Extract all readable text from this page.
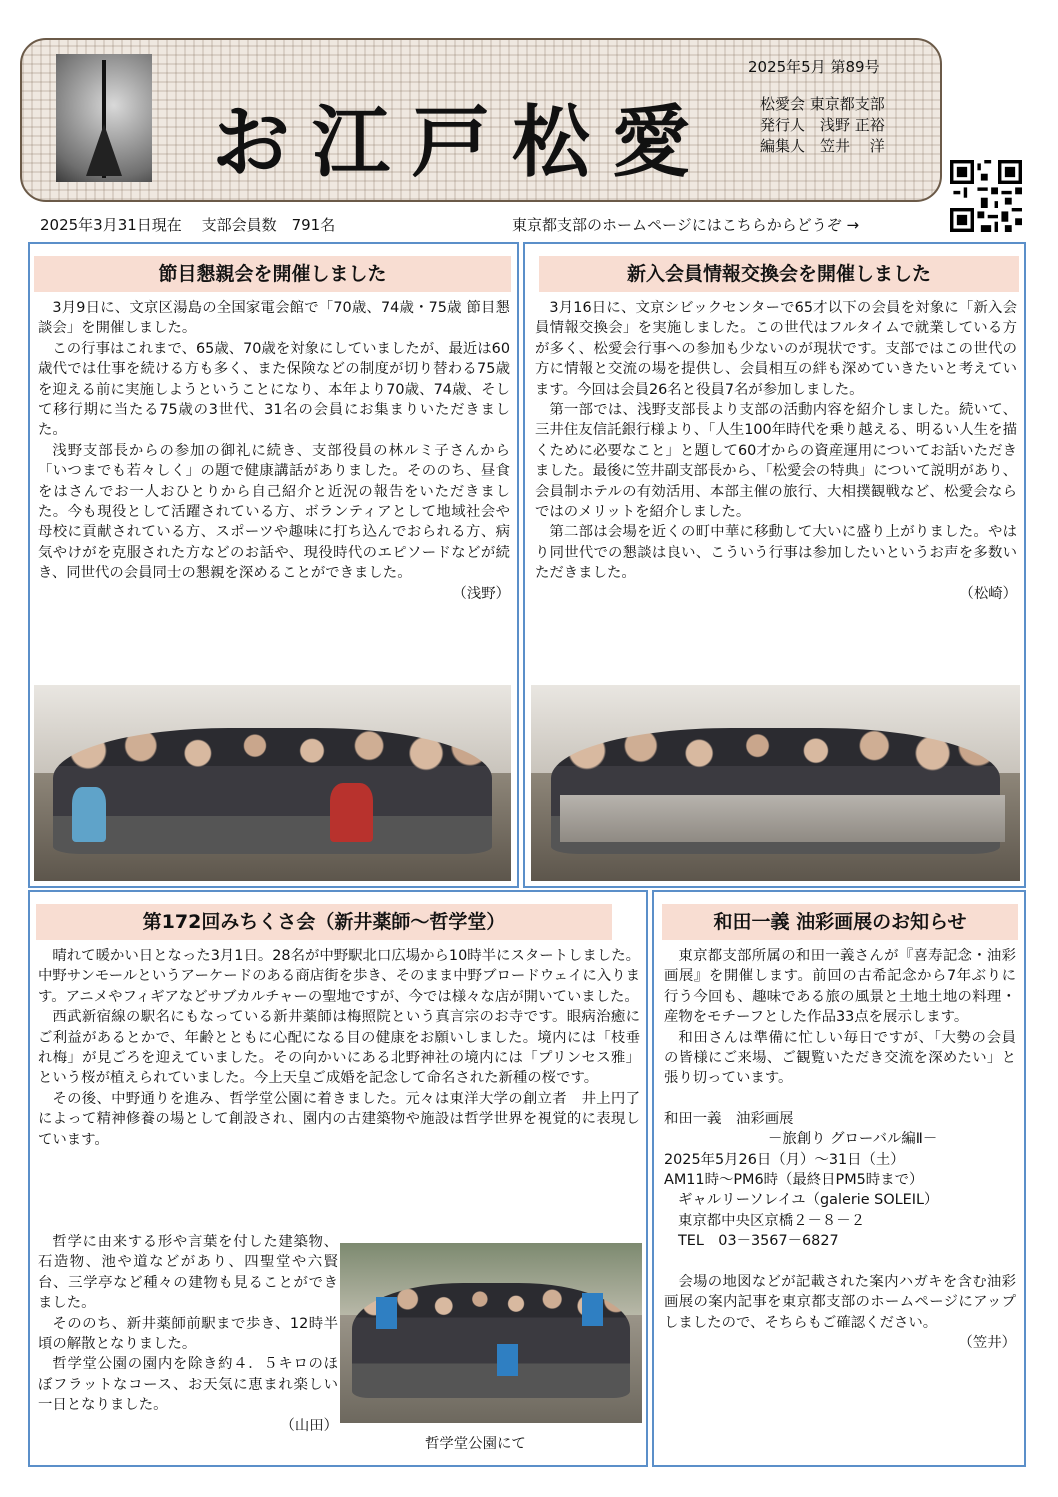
お江戸松愛
2025年5月 第89号
松愛会 東京都支部
発行人　浅野 正裕
編集人　笠井　 洋
2025年3月31日現在　 支部会員数　791名	東京都支部のホームページにはこちらからどうぞ →
節目懇親会を開催しました

3月9日に、文京区湯島の全国家電会館で「70歳、74歳・75歳 節目懇談会」を開催しました。

この行事はこれまで、65歳、70歳を対象にしていましたが、最近は60歳代では仕事を続ける方も多く、また保険などの制度が切り替わる75歳を迎える前に実施しようということになり、本年より70歳、74歳、そして移行期に当たる75歳の3世代、31名の会員にお集まりいただきました。

浅野支部長からの参加の御礼に続き、支部役員の林ルミ子さんから「いつまでも若々しく」の題で健康講話がありました。そののち、昼食をはさんでお一人おひとりから自己紹介と近況の報告をいただきました。今も現役として活躍されている方、ボランティアとして地域社会や母校に貢献されている方、スポーツや趣味に打ち込んでおられる方、病気やけがを克服された方などのお話や、現役時代のエピソードなどが続き、同世代の会員同士の懇親を深めることができました。

（浅野）
新入会員情報交換会を開催しました

3月16日に、文京シビックセンターで65才以下の会員を対象に「新入会員情報交換会」を実施しました。この世代はフルタイムで就業している方が多く、松愛会行事への参加も少ないのが現状です。支部ではこの世代の方に情報と交流の場を提供し、会員相互の絆も深めていきたいと考えています。今回は会員26名と役員7名が参加しました。

第一部では、浅野支部長より支部の活動内容を紹介しました。続いて、三井住友信託銀行様より、「人生100年時代を乗り越える、明るい人生を描くために必要なこと」と題して60才からの資産運用についてお話いただきました。最後に笠井副支部長から、「松愛会の特典」について説明があり、会員制ホテルの有効活用、本部主催の旅行、大相撲観戦など、松愛会ならではのメリットを紹介しました。

第二部は会場を近くの町中華に移動して大いに盛り上がりました。やはり同世代での懇談は良い、こういう行事は参加したいというお声を多数いただきました。

（松崎）
第172回みちくさ会（新井薬師～哲学堂）

晴れて暖かい日となった3月1日。28名が中野駅北口広場から10時半にスタートしました。 中野サンモールというアーケードのある商店街を歩き、そのまま中野ブロードウェイに入ります。アニメやフィギアなどサブカルチャーの聖地ですが、今では様々な店が開いていました。

西武新宿線の駅名にもなっている新井薬師は梅照院という真言宗のお寺です。眼病治癒にご利益があるとかで、年齢とともに心配になる目の健康をお願いしました。境内には「枝垂れ梅」が見ごろを迎えていました。その向かいにある北野神社の境内には「プリンセス雅」という桜が植えられていました。今上天皇ご成婚を記念して命名された新種の桜です。

その後、中野通りを進み、哲学堂公園に着きました。元々は東洋大学の創立者　井上円了によって精神修養の場として創設され、園内の古建築物や施設は哲学世界を視覚的に表現しています。

哲学に由来する形や言葉を付した建築物、石造物、池や道などがあり、四聖堂や六賢台、三学亭など種々の建物も見ることができました。

そののち、新井薬師前駅まで歩き、12時半頃の解散となりました。

哲学堂公園の園内を除き約４．５キロのほぼフラットなコース、お天気に恵まれ楽しい一日となりました。

（山田）
哲学堂公園にて
和田一義 油彩画展のお知らせ

東京都支部所属の和田一義さんが『喜寿記念・油彩画展』を開催します。前回の古希記念から7年ぶりに行う今回も、趣味である旅の風景と土地土地の料理・産物をモチーフとした作品33点を展示します。

和田さんは準備に忙しい毎日ですが、「大勢の会員の皆様にご来場、ご観覧いただき交流を深めたい」と張り切っています。

和田一義　油彩画展
－旅創り グローバル編Ⅱ－
2025年5月26日（月）～31日（土）
AM11時～PM6時（最終日PM5時まで）
ギャルリーソレイユ（galerie SOLEIL）
東京都中央区京橋２－８－２
TEL　03－3567－6827

会場の地図などが記載された案内ハガキを含む油彩画展の案内記事を東京都支部のホームページにアップしましたので、そちらもご確認ください。

（笠井）
